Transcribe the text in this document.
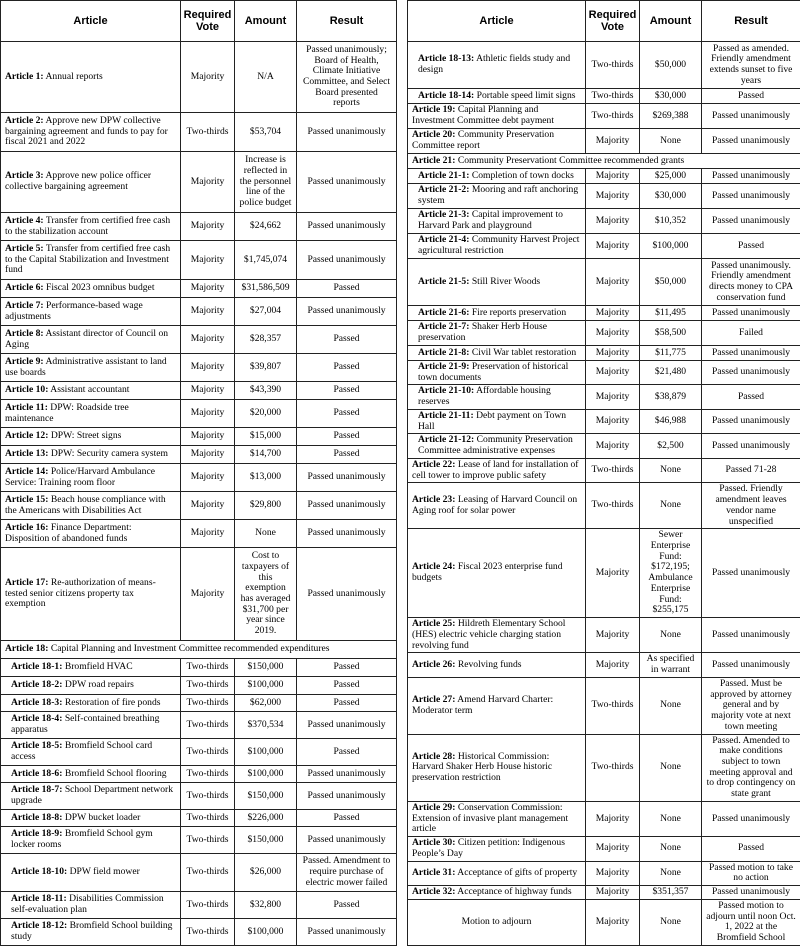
Article	Required Vote	Amount	Result
Article 1: Annual reports	Majority	N/A	Passed unanimously; Board of Health, Climate Initiative Committee, and Select Board presented reports
Article 2: Approve new DPW collective bargaining agreement and funds to pay for fiscal 2021 and 2022	Two-thirds	$53,704	Passed unanimously
Article 3: Approve new police officer collective bargaining agreement	Majority	Increase is reflected in the personnel line of the police budget	Passed unanimously
Article 4: Transfer from certified free cash to the stabilization account	Majority	$24,662	Passed unanimously
Article 5: Transfer from certified free cash to the Capital Stabilization and Investment fund	Majority	$1,745,074	Passed unanimously
Article 6: Fiscal 2023 omnibus budget	Majority	$31,586,509	Passed
Article 7: Performance-based wage adjustments	Majority	$27,004	Passed unanimously
Article 8: Assistant director of Council on Aging	Majority	$28,357	Passed
Article 9: Administrative assistant to land use boards	Majority	$39,807	Passed
Article 10: Assistant accountant	Majority	$43,390	Passed
Article 11: DPW: Roadside tree maintenance	Majority	$20,000	Passed
Article 12: DPW: Street signs	Majority	$15,000	Passed
Article 13: DPW: Security camera system	Majority	$14,700	Passed
Article 14: Police/Harvard Ambulance Service: Training room floor	Majority	$13,000	Passed unanimously
Article 15: Beach house compliance with the Americans with Disabilities Act	Majority	$29,800	Passed unanimously
Article 16: Finance Department: Disposition of abandoned funds	Majority	None	Passed unanimously
Article 17: Re-authorization of means-tested senior citizens property tax exemption	Majority	Cost to taxpayers of this exemption has averaged $31,700 per year since 2019.	Passed unanimously
Article 18: Capital Planning and Investment Committee recommended expenditures			
Article 18-1: Bromfield HVAC	Two-thirds	$150,000	Passed
Article 18-2: DPW road repairs	Two-thirds	$100,000	Passed
Article 18-3: Restoration of fire ponds	Two-thirds	$62,000	Passed
Article 18-4: Self-contained breathing apparatus	Two-thirds	$370,534	Passed unanimously
Article 18-5: Bromfield School card access	Two-thirds	$100,000	Passed
Article 18-6: Bromfield School flooring	Two-thirds	$100,000	Passed unanimously
Article 18-7: School Department network upgrade	Two-thirds	$150,000	Passed unanimously
Article 18-8: DPW bucket loader	Two-thirds	$226,000	Passed
Article 18-9: Bromfield School gym locker rooms	Two-thirds	$150,000	Passed unanimously
Article 18-10: DPW field mower	Two-thirds	$26,000	Passed. Amendment to require purchase of electric mower failed
Article 18-11: Disabilities Commission self-evaluation plan	Two-thirds	$32,800	Passed
Article 18-12: Bromfield School building study	Two-thirds	$100,000	Passed unanimously
Article	Required Vote	Amount	Result
Article 18-13: Athletic fields study and design	Two-thirds	$50,000	Passed as amended. Friendly amendment extends sunset to five years
Article 18-14: Portable speed limit signs	Two-thirds	$30,000	Passed
Article 19: Capital Planning and Investment Committee debt payment	Two-thirds	$269,388	Passed unanimously
Article 20: Community Preservation Committee report	Majority	None	Passed unanimously
Article 21: Community Preservationt Committee recommended grants			
Article 21-1: Completion of town docks	Majority	$25,000	Passed unanimously
Article 21-2: Mooring and raft anchoring system	Majority	$30,000	Passed unanimously
Article 21-3: Capital improvement to Harvard Park and playground	Majority	$10,352	Passed unanimously
Article 21-4: Community Harvest Project agricultural restriction	Majority	$100,000	Passed
Article 21-5: Still River Woods	Majority	$50,000	Passed unanimously. Friendly amendment directs money to CPA conservation fund
Article 21-6: Fire reports preservation	Majority	$11,495	Passed unanimously
Article 21-7: Shaker Herb House preservation	Majority	$58,500	Failed
Article 21-8: Civil War tablet restoration	Majority	$11,775	Passed unanimously
Article 21-9: Preservation of historical town documents	Majority	$21,480	Passed unanimously
Article 21-10: Affordable housing reserves	Majority	$38,879	Passed
Article 21-11: Debt payment on Town Hall	Majority	$46,988	Passed unanimously
Article 21-12: Community Preservation Committee administrative expenses	Majority	$2,500	Passed unanimously
Article 22: Lease of land for installation of cell tower to improve public safety	Two-thirds	None	Passed 71-28
Article 23: Leasing of Harvard Council on Aging roof for solar power	Two-thirds	None	Passed. Friendly amendment leaves vendor name unspecified
Article 24: Fiscal 2023 enterprise fund budgets	Majority	Sewer Enterprise Fund: $172,195; Ambulance Enterprise Fund: $255,175	Passed unanimously
Article 25: Hildreth Elementary School (HES) electric vehicle charging station revolving fund	Majority	None	Passed unanimously
Article 26: Revolving funds	Majority	As specified in warrant	Passed unanimously
Article 27: Amend Harvard Charter: Moderator term	Two-thirds	None	Passed. Must be approved by attorney general and by majority vote at next town meeting
Article 28: Historical Commission: Harvard Shaker Herb House historic preservation restriction	Two-thirds	None	Passed. Amended to make conditions subject to town meeting approval and to drop contingency on state grant
Article 29: Conservation Commission: Extension of invasive plant management article	Majority	None	Passed unanimously
Article 30: Citizen petition: Indigenous People’s Day	Majority	None	Passed
Article 31: Acceptance of gifts of property	Majority	None	Passed motion to take no action
Article 32: Acceptance of highway funds	Majority	$351,357	Passed unanimously
Motion to adjourn	Majority	None	Passed motion to adjourn until noon Oct. 1, 2022 at the Bromfield School
